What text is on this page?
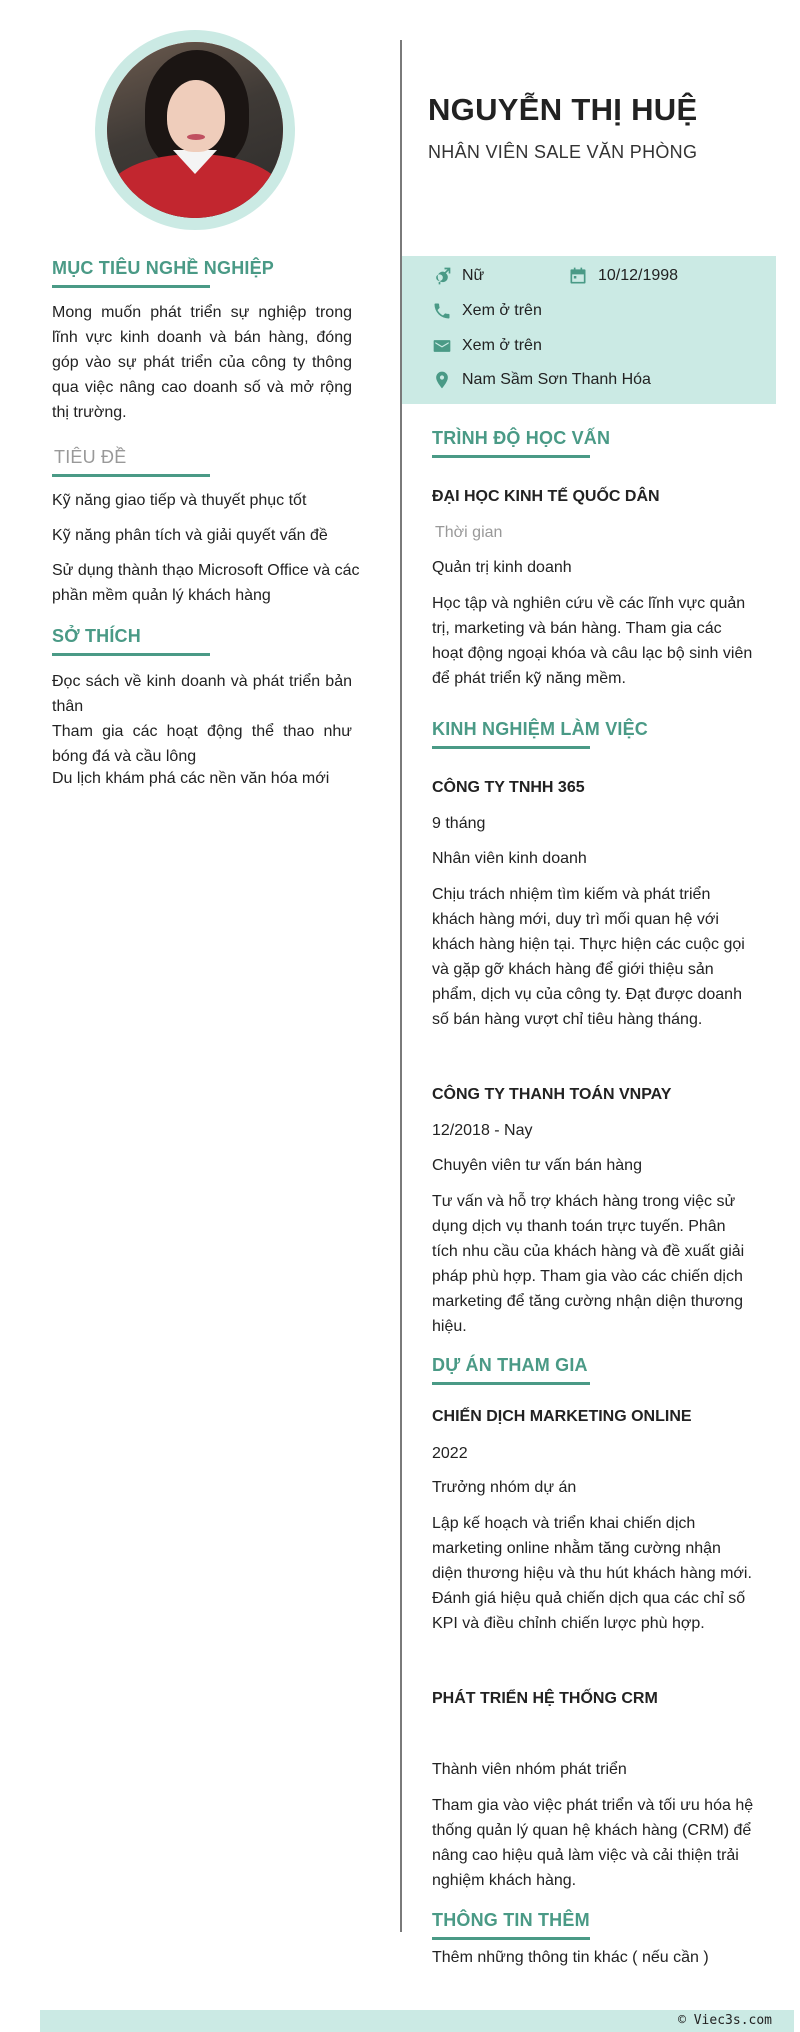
NGUYỄN THỊ HUỆ
NHÂN VIÊN SALE VĂN PHÒNG
Nữ	10/12/1998
Xem ở trên
Xem ở trên
Nam Sầm Sơn Thanh Hóa
MỤC TIÊU NGHỀ NGHIỆP
Mong muốn phát triển sự nghiệp trong lĩnh vực kinh doanh và bán hàng, đóng góp vào sự phát triển của công ty thông qua việc nâng cao doanh số và mở rộng thị trường.
TIÊU ĐỀ
Kỹ năng giao tiếp và thuyết phục tốt
Kỹ năng phân tích và giải quyết vấn đề
Sử dụng thành thạo Microsoft Office và các phần mềm quản lý khách hàng
SỞ THÍCH
Đọc sách về kinh doanh và phát triển bản thân
Tham gia các hoạt động thể thao như bóng đá và cầu lông
Du lịch khám phá các nền văn hóa mới
TRÌNH ĐỘ HỌC VẤN
ĐẠI HỌC KINH TẾ QUỐC DÂN
Thời gian
Quản trị kinh doanh
Học tập và nghiên cứu về các lĩnh vực quản trị, marketing và bán hàng. Tham gia các hoạt động ngoại khóa và câu lạc bộ sinh viên để phát triển kỹ năng mềm.
KINH NGHIỆM LÀM VIỆC
CÔNG TY TNHH 365
9 tháng
Nhân viên kinh doanh
Chịu trách nhiệm tìm kiếm và phát triển khách hàng mới, duy trì mối quan hệ với khách hàng hiện tại. Thực hiện các cuộc gọi và gặp gỡ khách hàng để giới thiệu sản phẩm, dịch vụ của công ty. Đạt được doanh số bán hàng vượt chỉ tiêu hàng tháng.
CÔNG TY THANH TOÁN VNPAY
12/2018 - Nay
Chuyên viên tư vấn bán hàng
Tư vấn và hỗ trợ khách hàng trong việc sử dụng dịch vụ thanh toán trực tuyến. Phân tích nhu cầu của khách hàng và đề xuất giải pháp phù hợp. Tham gia vào các chiến dịch marketing để tăng cường nhận diện thương hiệu.
DỰ ÁN THAM GIA
CHIẾN DỊCH MARKETING ONLINE
2022
Trưởng nhóm dự án
Lập kế hoạch và triển khai chiến dịch marketing online nhằm tăng cường nhận diện thương hiệu và thu hút khách hàng mới. Đánh giá hiệu quả chiến dịch qua các chỉ số KPI và điều chỉnh chiến lược phù hợp.
PHÁT TRIỂN HỆ THỐNG CRM
Thành viên nhóm phát triển
Tham gia vào việc phát triển và tối ưu hóa hệ thống quản lý quan hệ khách hàng (CRM) để nâng cao hiệu quả làm việc và cải thiện trải nghiệm khách hàng.
THÔNG TIN THÊM
Thêm những thông tin khác ( nếu cần )
© Viec3s.com
